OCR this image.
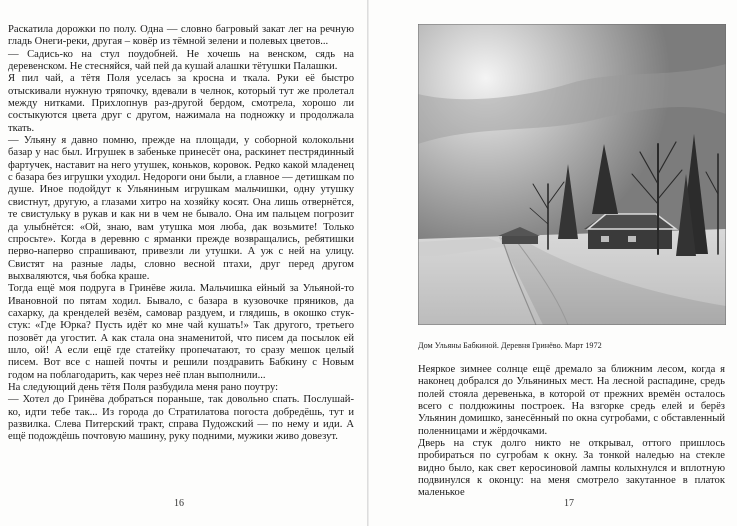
Раскатила дорожки по полу. Одна — словно багровый закат лег на речную гладь Онеги-реки, другая – ковёр из тёмной зелени и полевых цветов...

— Садись-ко на стул поудобней. Не хочешь на венском, сядь на деревенском. Не стесняйся, чай пей да кушай алашки тётушки Палашки.

Я пил чай, а тётя Поля уселась за кросна и ткала. Руки её быстро отыскивали нужную тряпочку, вдевали в челнок, который тут же пролетал между нитками. Прихлопнув раз-другой бердом, смотрела, хорошо ли состыкуются цвета друг с другом, нажимала на подножку и продолжала ткать.

— Ульяну я давно помню, прежде на площади, у соборной колокольни базар у нас был. Игрушек в забеньке принесёт она, раскинет пестрядинный фартучек, наставит на него утушек, коньков, коровок. Редко какой младенец с базара без игрушки уходил. Недороги они были, а главное — детишкам по душе. Иное подойдут к Ульяниным игрушкам мальчишки, одну утушку свистнут, другую, а глазами хитро на хозяйку косят. Она лишь отвернётся, те свистульку в рукав и как ни в чем не бывало. Она им пальцем погрозит да улыбнётся: «Ой, знаю, вам утушка моя люба, дак возьмите! Только спросьте». Когда в деревню с ярманки прежде возвращались, ребятишки перво-наперво спрашивают, привезли ли утушки. А уж с ней на улицу. Свистят на разные лады, словно весной птахи, друг перед другом выхваляются, чья бобка краше.

Тогда ещё моя подруга в Гринёве жила. Мальчишка ейный за Ульяной-то Ивановной по пятам ходил. Бывало, с базара в кузовочке пряников, да сахарку, да кренделей везём, самовар раздуем, и глядишь, в окошко стук-стук: «Где Юрка? Пусть идёт ко мне чай кушать!» Так другого, третьего позовёт да угостит. А как стала она знаменитой, что писем да посылок ей шло, ой! А если ещё где статейку пропечатают, то сразу мешок целый писем. Вот все с нашей почты и решили поздравить Бабкину с Новым годом на поблагодарить, как через неё план выполнили...

На следующий день тётя Поля разбудила меня рано поутру:

— Хотел до Гринёва добраться пораньше, так довольно спать. Послушай-ко, идти тебе так... Из города до Стратилатова погоста добредёшь, тут и развилка. Слева Питерский тракт, справа Пудожский — по нему и иди. А ещё подождёшь почтовую машину, руку подними, мужики живо довезут.

16
Дом Ульяны Бабкиной. Деревня Гринёво. Март 1972

Неяркое зимнее солнце ещё дремало за ближним лесом, когда я наконец добрался до Ульяниных мест. На лесной распадине, средь полей стояла деревенька, в которой от прежних времён осталось всего с полдюжины построек. На взгорке средь елей и берёз Ульянин домишко, занесённый по окна сугробами, с обставленный поленницами и жёрдочками.

Дверь на стук долго никто не открывал, оттого пришлось пробираться по сугробам к окну. За тонкой наледью на стекле видно было, как свет керосиновой лампы колыхнулся и вплотную подвинулся к оконцу: на меня смотрело закутанное в платок маленькое

17
